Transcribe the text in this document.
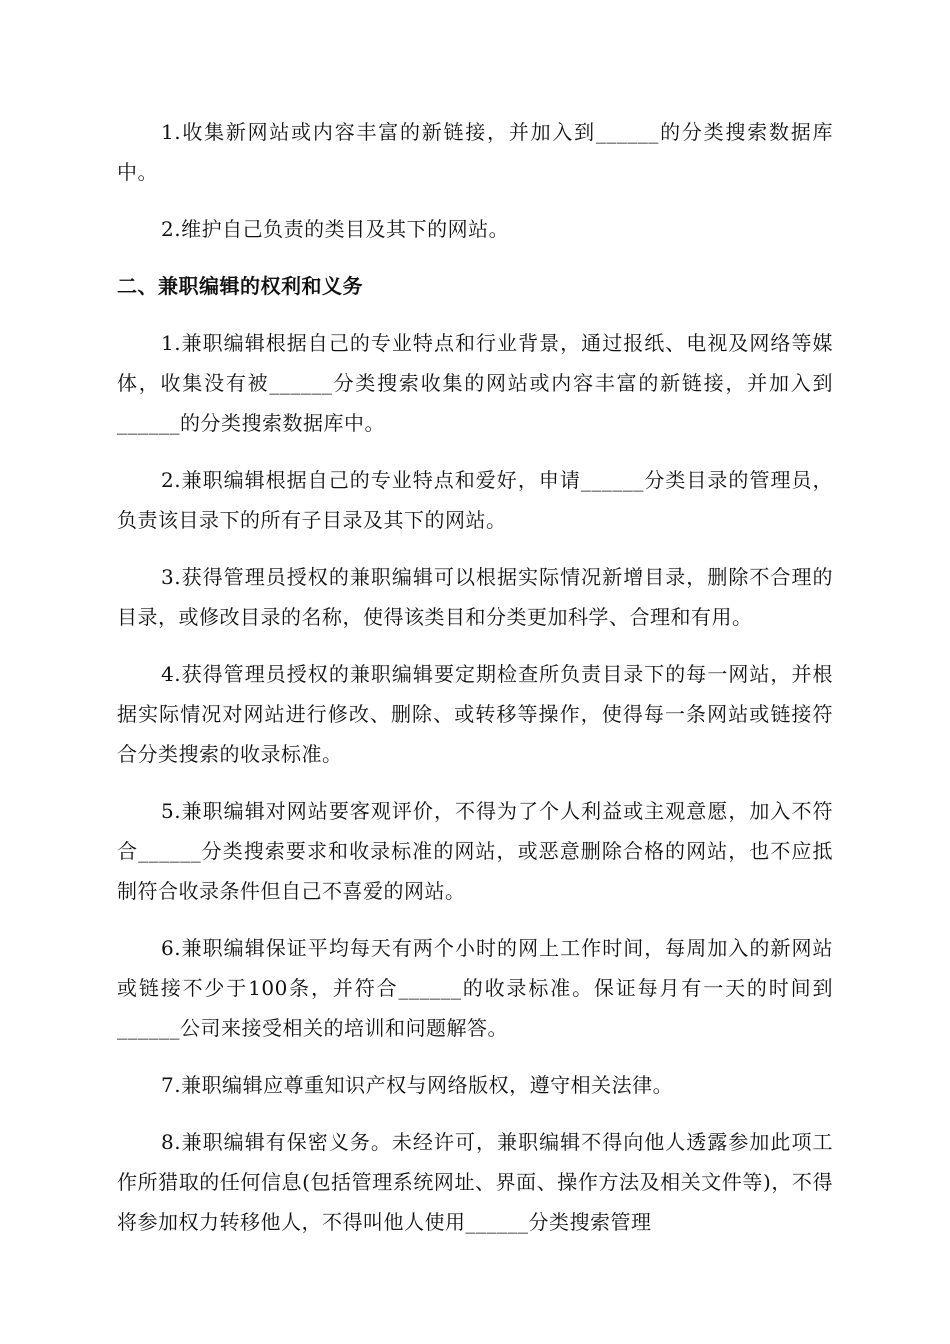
1.收集新网站或内容丰富的新链接，并加入到______的分类搜索数据库中。

2.维护自己负责的类目及其下的网站。

二、兼职编辑的权利和义务

1.兼职编辑根据自己的专业特点和行业背景，通过报纸、电视及网络等媒体，收集没有被______分类搜索收集的网站或内容丰富的新链接，并加入到______的分类搜索数据库中。

2.兼职编辑根据自己的专业特点和爱好，申请______分类目录的管理员，负责该目录下的所有子目录及其下的网站。

3.获得管理员授权的兼职编辑可以根据实际情况新增目录，删除不合理的目录，或修改目录的名称，使得该类目和分类更加科学、合理和有用。

4.获得管理员授权的兼职编辑要定期检查所负责目录下的每一网站，并根据实际情况对网站进行修改、删除、或转移等操作，使得每一条网站或链接符合分类搜索的收录标准。

5.兼职编辑对网站要客观评价，不得为了个人利益或主观意愿，加入不符合______分类搜索要求和收录标准的网站，或恶意删除合格的网站，也不应抵制符合收录条件但自己不喜爱的网站。

6.兼职编辑保证平均每天有两个小时的网上工作时间，每周加入的新网站或链接不少于100条，并符合______的收录标准。保证每月有一天的时间到______公司来接受相关的培训和问题解答。

7.兼职编辑应尊重知识产权与网络版权，遵守相关法律。

8.兼职编辑有保密义务。未经许可，兼职编辑不得向他人透露参加此项工作所猎取的任何信息(包括管理系统网址、界面、操作方法及相关文件等)，不得将参加权力转移他人，不得叫他人使用______分类搜索管理
